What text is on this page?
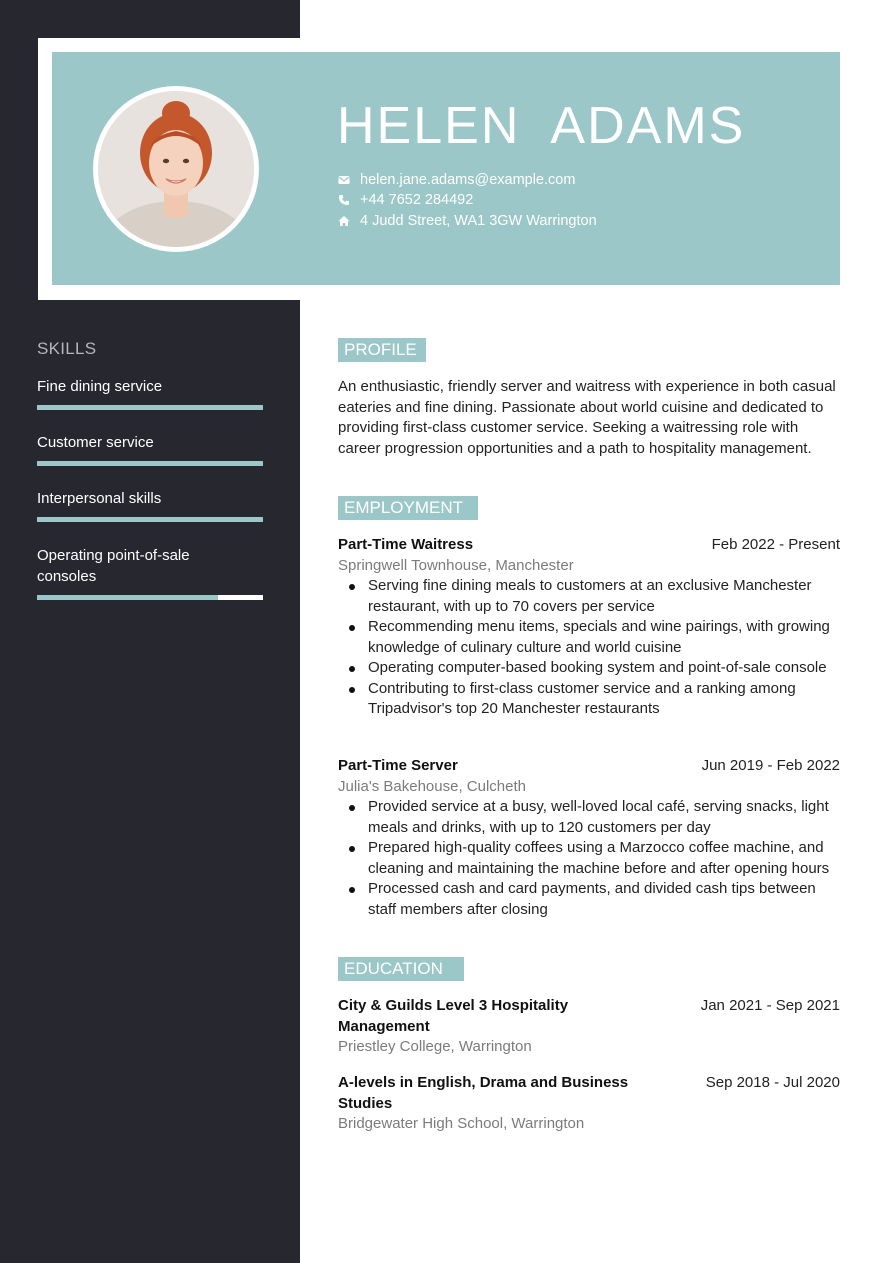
HELEN  ADAMS
helen.jane.adams@example.com
+44 7652 284492
4 Judd Street, WA1 3GW Warrington
SKILLS
Fine dining service
Customer service
Interpersonal skills
Operating point-of-sale consoles
PROFILE
An enthusiastic, friendly server and waitress with experience in both casual eateries and fine dining. Passionate about world cuisine and dedicated to providing first-class customer service. Seeking a waitressing role with career progression opportunities and a path to hospitality management.
EMPLOYMENT
Part-Time Waitress	Feb 2022 - Present
Springwell Townhouse, Manchester
Serving fine dining meals to customers at an exclusive Manchester restaurant, with up to 70 covers per service
Recommending menu items, specials and wine pairings, with growing knowledge of culinary culture and world cuisine
Operating computer-based booking system and point-of-sale console
Contributing to first-class customer service and a ranking among Tripadvisor's top 20 Manchester restaurants
Part-Time Server	Jun 2019 - Feb 2022
Julia's Bakehouse, Culcheth
Provided service at a busy, well-loved local café, serving snacks, light meals and drinks, with up to 120 customers per day
Prepared high-quality coffees using a Marzocco coffee machine, and cleaning and maintaining the machine before and after opening hours
Processed cash and card payments, and divided cash tips between staff members after closing
EDUCATION
City & Guilds Level 3 Hospitality Management
Jan 2021 - Sep 2021
Priestley College, Warrington
A-levels in English, Drama and Business Studies
Sep 2018 - Jul 2020
Bridgewater High School, Warrington
